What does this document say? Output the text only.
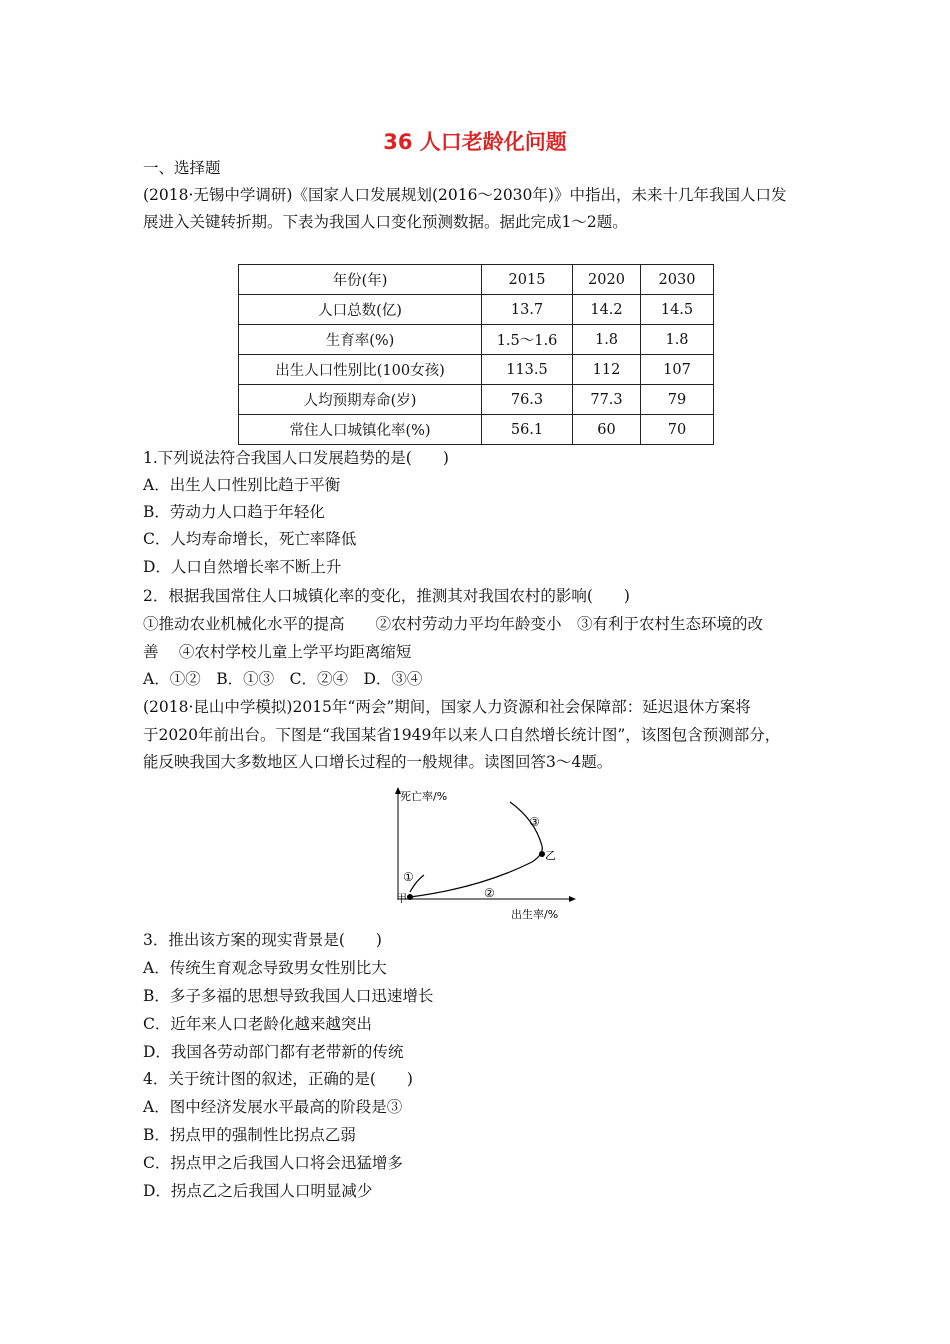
36 人口老龄化问题
一、选择题
(2018·无锡中学调研)《国家人口发展规划(2016～2030年)》中指出，未来十几年我国人口发
展进入关键转折期。下表为我国人口变化预测数据。据此完成1～2题。
年份(年)	2015	2020	2030
人口总数(亿)	13.7	14.2	14.5
生育率(%)	1.5～1.6	1.8	1.8
出生人口性别比(100女孩)	113.5	112	107
人均预期寿命(岁)	76.3	77.3	79
常住人口城镇化率(%)	56.1	60	70
1.下列说法符合我国人口发展趋势的是(　　)
A．出生人口性别比趋于平衡
B．劳动力人口趋于年轻化
C．人均寿命增长，死亡率降低
D．人口自然增长率不断上升
2．根据我国常住人口城镇化率的变化，推测其对我国农村的影响(　　)
①推动农业机械化水平的提高　　②农村劳动力平均年龄变小　③有利于农村生态环境的改
善　 ④农村学校儿童上学平均距离缩短
A．①②　B．①③　C．②④　D．③④
(2018·昆山中学模拟)2015年“两会”期间，国家人力资源和社会保障部：延迟退休方案将
于2020年前出台。下图是“我国某省1949年以来人口自然增长统计图”，该图包含预测部分，
能反映我国大多数地区人口增长过程的一般规律。读图回答3～4题。
死亡率/%
出生率/%
甲
乙
①
②
③
3．推出该方案的现实背景是(　　)
A．传统生育观念导致男女性别比大
B．多子多福的思想导致我国人口迅速增长
C．近年来人口老龄化越来越突出
D．我国各劳动部门都有老带新的传统
4．关于统计图的叙述，正确的是(　　)
A．图中经济发展水平最高的阶段是③
B．拐点甲的强制性比拐点乙弱
C．拐点甲之后我国人口将会迅猛增多
D．拐点乙之后我国人口明显减少
